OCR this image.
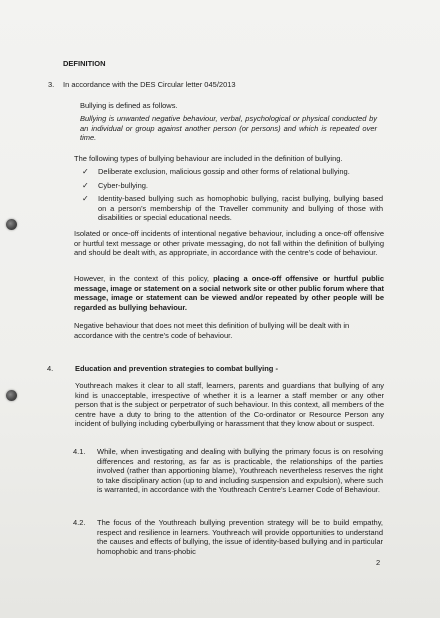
DEFINITION
3. In accordance with the DES Circular letter 045/2013
Bullying is defined as follows.

Bullying is unwanted negative behaviour, verbal, psychological or physical conducted by an individual or group against another person (or persons) and which is repeated over time.

The following types of bullying behaviour are included in the definition of bullying.
✓ Deliberate exclusion, malicious gossip and other forms of relational bullying.
✓ Cyber-bullying.
✓ Identity-based bullying such as homophobic bullying, racist bullying, bullying based on a person’s membership of the Traveller community and bullying of those with disabilities or special educational needs.

Isolated or once-off incidents of intentional negative behaviour, including a once-off offensive or hurtful text message or other private messaging, do not fall within the definition of bullying and should be dealt with, as appropriate, in accordance with the centre’s code of behaviour.

However, in the context of this policy, placing a once-off offensive or hurtful public message, image or statement on a social network site or other public forum where that message, image or statement can be viewed and/or repeated by other people will be regarded as bullying behaviour.

Negative behaviour that does not meet this definition of bullying will be dealt with in accordance with the centre’s code of behaviour.

4.	Education and prevention strategies to combat bullying -

Youthreach makes it clear to all staff, learners, parents and guardians that bullying of any kind is unacceptable, irrespective of whether it is a learner a staff member or any other person that is the subject or perpetrator of such behaviour. In this context, all members of the centre have a duty to bring to the attention of the Co-ordinator or Resource Person any incident of bullying including cyberbullying or harassment that they know about or suspect.

4.1. While, when investigating and dealing with bullying the primary focus is on resolving differences and restoring, as far as is practicable, the relationships of the parties involved (rather than apportioning blame), Youthreach nevertheless reserves the right to take disciplinary action (up to and including suspension and expulsion), where such is warranted, in accordance with the Youthreach Centre’s Learner Code of Behaviour.

4.2. The focus of the Youthreach bullying prevention strategy will be to build empathy, respect and resilience in learners. Youthreach will provide opportunities to understand the causes and effects of bullying, the issue of identity-based bullying and in particular homophobic and trans-phobic

2
